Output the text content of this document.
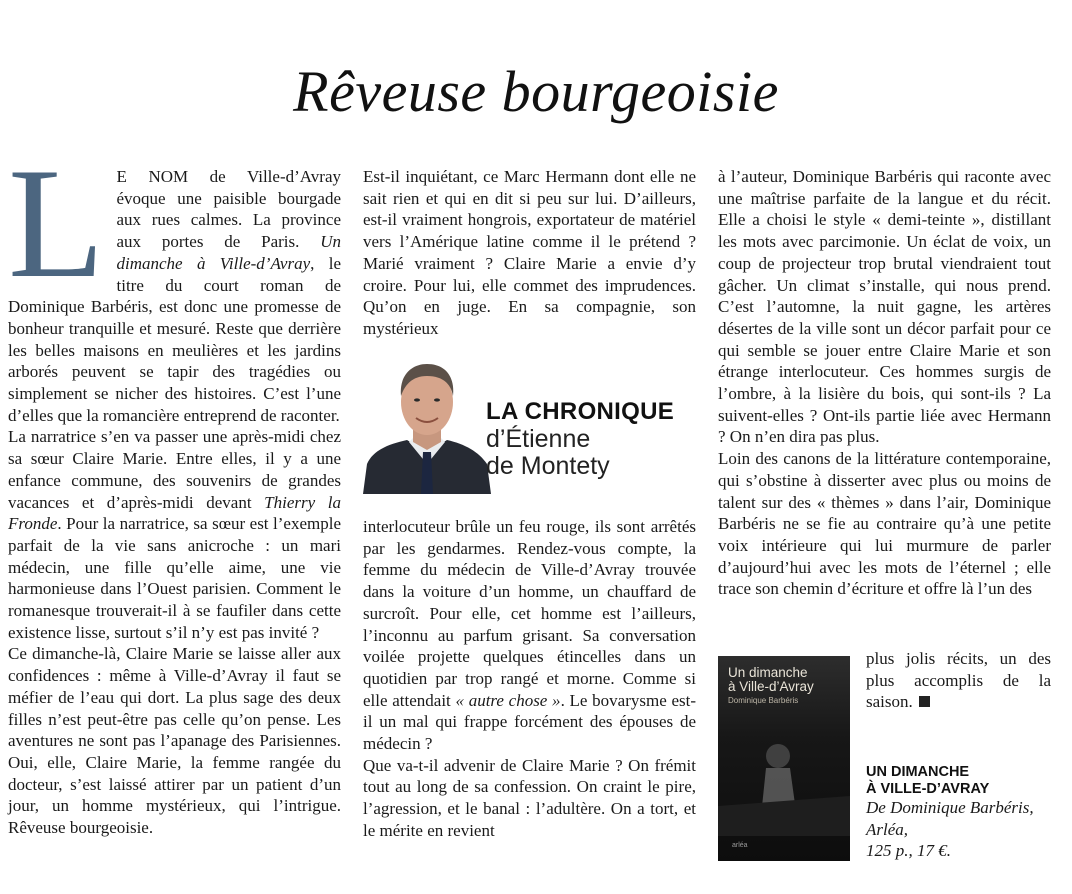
Rêveuse bourgeoisie

L E NOM de Ville-d’Avray évoque une paisible bourgade aux rues calmes. La province aux portes de Paris. Un dimanche à Ville-d’Avray, le titre du court roman de Dominique Barbéris, est donc une promesse de bonheur tranquille et mesuré. Reste que derrière les belles maisons en meulières et les jardins arborés peuvent se tapir des tragédies ou simplement se nicher des histoires. C’est l’une d’elles que la romancière entreprend de raconter.

La narratrice s’en va passer une après-midi chez sa sœur Claire Marie. Entre elles, il y a une enfance commune, des souvenirs de grandes vacances et d’après-midi devant Thierry la Fronde. Pour la narratrice, sa sœur est l’exemple parfait de la vie sans anicroche : un mari médecin, une fille qu’elle aime, une vie harmonieuse dans l’Ouest parisien. Comment le romanesque trouverait-il à se faufiler dans cette existence lisse, surtout s’il n’y est pas invité ?

Ce dimanche-là, Claire Marie se laisse aller aux confidences : même à Ville-d’Avray il faut se méfier de l’eau qui dort. La plus sage des deux filles n’est peut-être pas celle qu’on pense. Les aventures ne sont pas l’apanage des Parisiennes. Oui, elle, Claire Marie, la femme rangée du docteur, s’est laissé attirer par un patient d’un jour, un homme mystérieux, qui l’intrigue. Rêveuse bourgeoisie.

Est-il inquiétant, ce Marc Hermann dont elle ne sait rien et qui en dit si peu sur lui. D’ailleurs, est-il vraiment hongrois, exportateur de matériel vers l’Amérique latine comme il le prétend ? Marié vraiment ? Claire Marie a envie d’y croire. Pour lui, elle commet des imprudences. Qu’on en juge. En sa compagnie, son mystérieux

LA CHRONIQUE
d’Étienne
de Montety

interlocuteur brûle un feu rouge, ils sont arrêtés par les gendarmes. Rendez-vous compte, la femme du médecin de Ville-d’Avray trouvée dans la voiture d’un homme, un chauffard de surcroît. Pour elle, cet homme est l’ailleurs, l’inconnu au parfum grisant. Sa conversation voilée projette quelques étincelles dans un quotidien par trop rangé et morne. Comme si elle attendait « autre chose ». Le bovarysme est-il un mal qui frappe forcément des épouses de médecin ?

Que va-t-il advenir de Claire Marie ? On frémit tout au long de sa confession. On craint le pire, l’agression, et le banal : l’adultère. On a tort, et le mérite en revient

à l’auteur, Dominique Barbéris qui raconte avec une maîtrise parfaite de la langue et du récit. Elle a choisi le style « demi-teinte », distillant les mots avec parcimonie. Un éclat de voix, un coup de projecteur trop brutal viendraient tout gâcher. Un climat s’installe, qui nous prend. C’est l’automne, la nuit gagne, les artères désertes de la ville sont un décor parfait pour ce qui semble se jouer entre Claire Marie et son étrange interlocuteur. Ces hommes surgis de l’ombre, à la lisière du bois, qui sont-ils ? La suivent-elles ? Ont-ils partie liée avec Hermann ? On n’en dira pas plus.

Loin des canons de la littérature contemporaine, qui s’obstine à disserter avec plus ou moins de talent sur des « thèmes » dans l’air, Dominique Barbéris ne se fie au contraire qu’à une petite voix intérieure qui lui murmure de parler d’aujourd’hui avec les mots de l’éternel ; elle trace son chemin d’écriture et offre là l’un des

plus jolis récits, un des plus accomplis de la saison.

Un dimanche
à Ville-d’Avray
Dominique Barbéris
arléa
UN DIMANCHE
À VILLE-D’AVRAY
De Dominique Barbéris,
Arléa,
125 p., 17 €.
